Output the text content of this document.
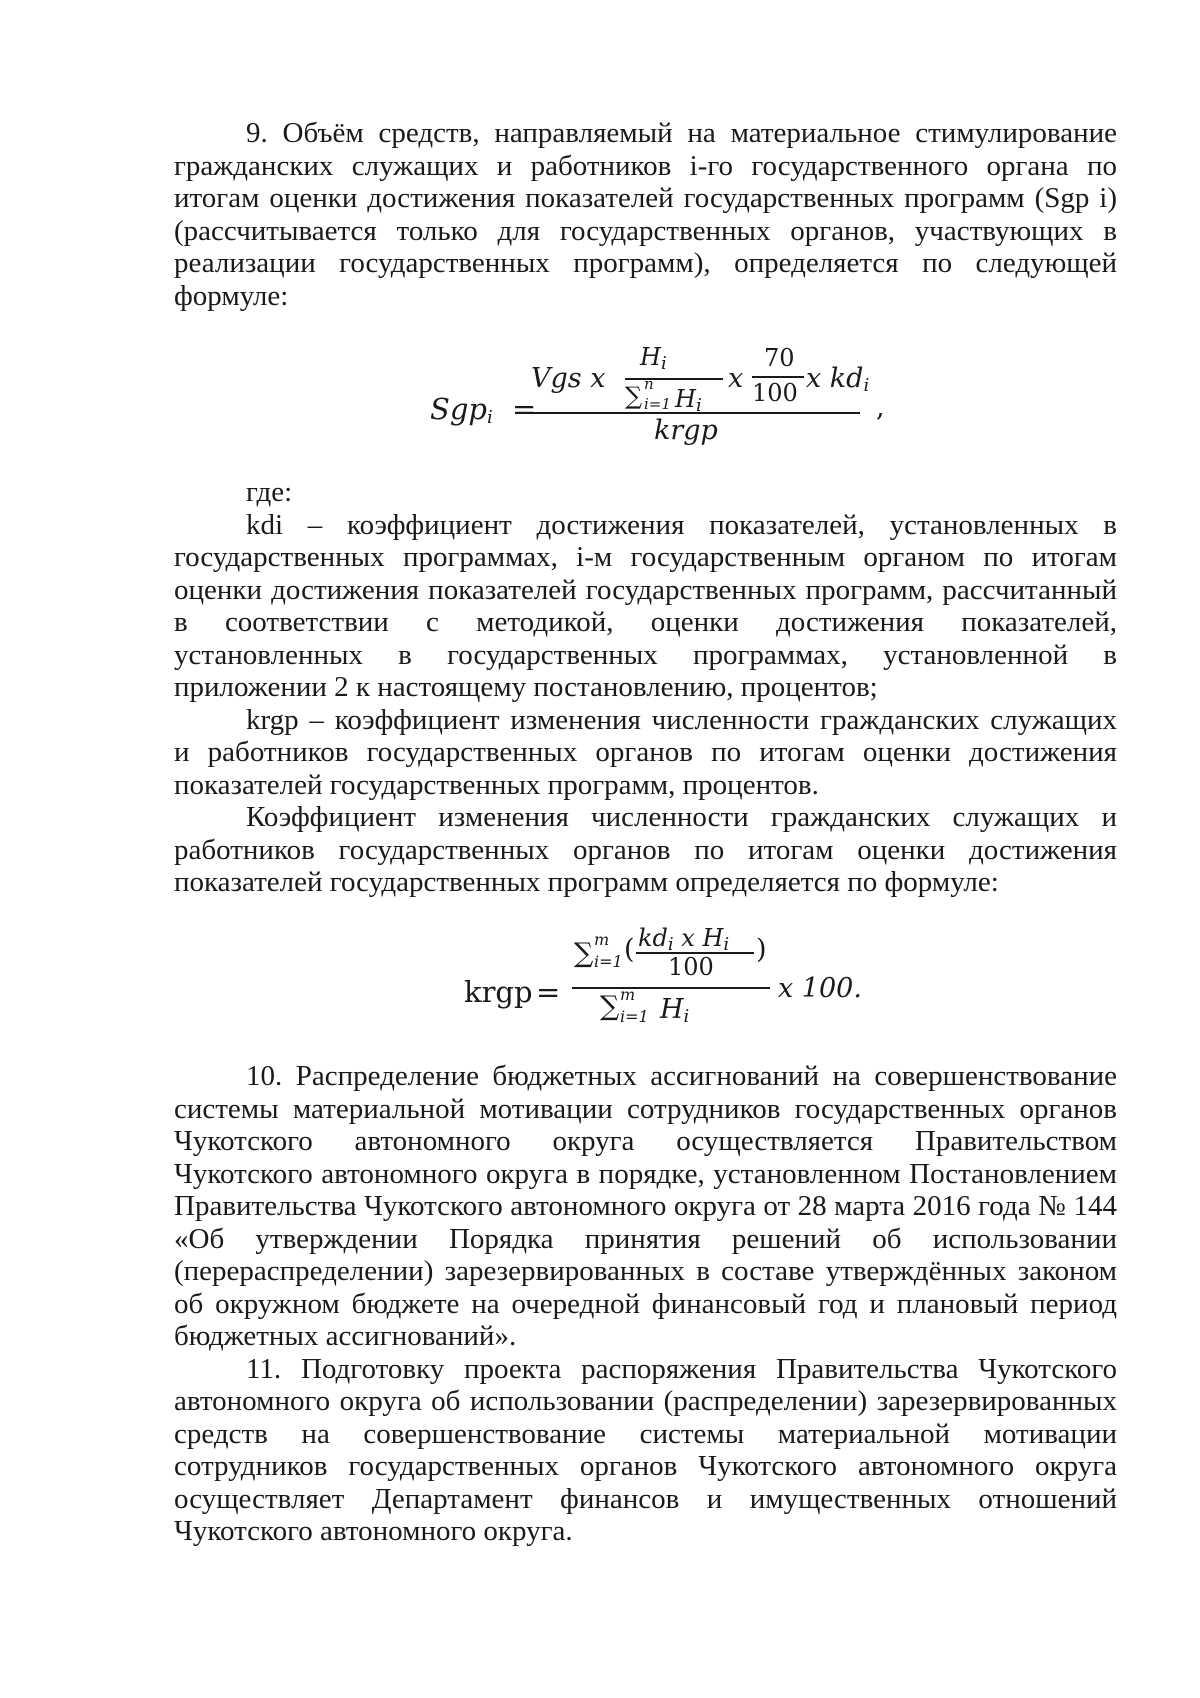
9. Объём средств, направляемый на материальное стимулирование гражданских служащих и работников i-го государственного органа по итогам оценки достижения показателей государственных программ (Sgp i) (рассчитывается только для государственных органов, участвующих в реализации государственных программ), определяется по следующей формуле:

Sgp$_i$ =
Vgs x
$H_i$
∑ n
i=1 $H_i$
x
70
100 x $kd_i$
krgp
,

где:

kdi – коэффициент достижения показателей, установленных в государственных программах, i-м государственным органом по итогам оценки достижения показателей государственных программ, рассчитанный в соответствии с методикой, оценки достижения показателей, установленных в государственных программах, установленной в приложении 2 к настоящему постановлению, процентов;

krgp – коэффициент изменения численности гражданских служащих и работников государственных органов по итогам оценки достижения показателей государственных программ, процентов.

Коэффициент изменения численности гражданских служащих и работников государственных органов по итогам оценки достижения показателей государственных программ определяется по формуле:

krgp =
∑ m
i=1 ( $kd_i$ x $H_i$
100
)
∑ m
i=1 $H_i$
x 100.

10. Распределение бюджетных ассигнований на совершенствование системы материальной мотивации сотрудников государственных органов Чукотского автономного округа осуществляется Правительством Чукотского автономного округа в порядке, установленном Постановлением Правительства Чукотского автономного округа от 28 марта 2016 года № 144 «Об утверждении Порядка принятия решений об использовании (перераспределении) зарезервированных в составе утверждённых законом об окружном бюджете на очередной финансовый год и плановый период бюджетных ассигнований».

11. Подготовку проекта распоряжения Правительства Чукотского автономного округа об использовании (распределении) зарезервированных средств на совершенствование системы материальной мотивации сотрудников государственных органов Чукотского автономного округа осуществляет Департамент финансов и имущественных отношений Чукотского автономного округа.
